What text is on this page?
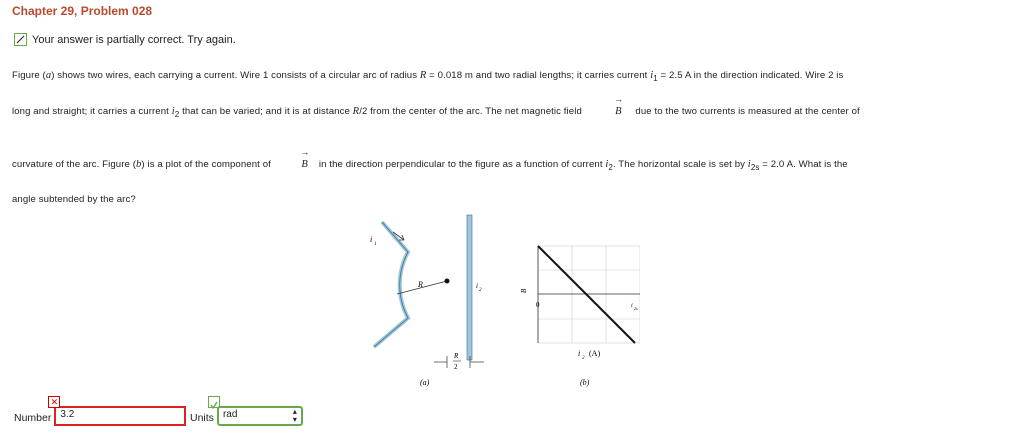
Chapter 29, Problem 028
Your answer is partially correct. Try again.
Figure (a) shows two wires, each carrying a current. Wire 1 consists of a circular arc of radius R = 0.018 m and two radial lengths; it carries current $i_1 = 2.5$ A in the direction indicated. Wire 2 is
long and straight; it carries a current $i_2$ that can be varied; and it is at distance R/2 from the center of the arc. The net magnetic field	→ B due to the two currents is measured at the center of
curvature of the arc. Figure (b) is a plot of the component of	→ B in the direction perpendicular to the figure as a function of current $i_2$. The horizontal scale is set by $i_{2s} = 2.0$ A. What is the
angle subtended by the arc?
i
1
R	i
2
R
2
(a)
B
0	i 2s
i
2
(A)
(b)
Number
✕
3.2	Units rad	▴
▾
